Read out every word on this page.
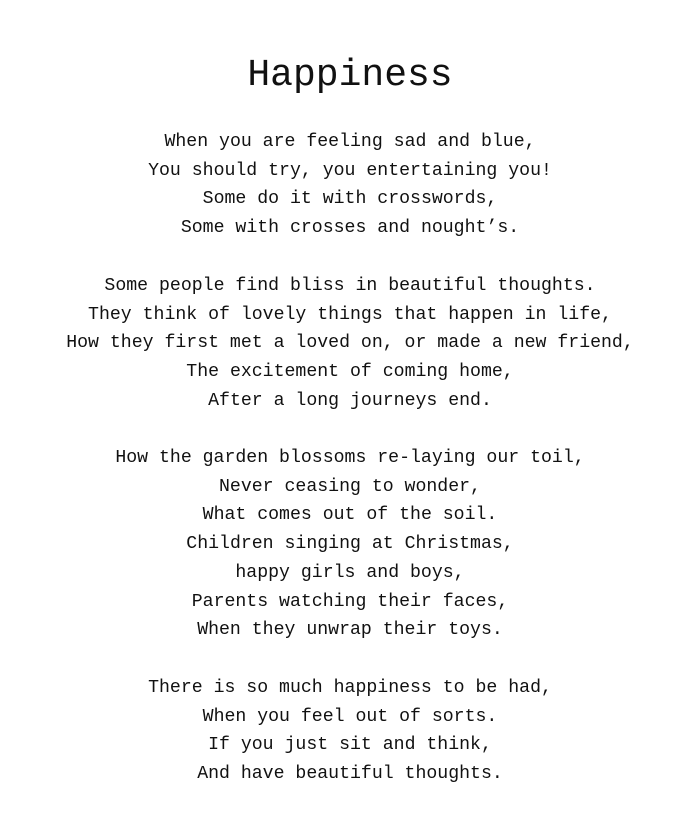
Happiness
When you are feeling sad and blue,
You should try, you entertaining you!
Some do it with crosswords,
Some with crosses and nought’s.
Some people find bliss in beautiful thoughts.
They think of lovely things that happen in life,
How they first met a loved on, or made a new friend,
The excitement of coming home,
After a long journeys end.
How the garden blossoms re-laying our toil,
Never ceasing to wonder,
What comes out of the soil.
Children singing at Christmas,
happy girls and boys,
Parents watching their faces,
When they unwrap their toys.
There is so much happiness to be had,
When you feel out of sorts.
If you just sit and think,
And have beautiful thoughts.
